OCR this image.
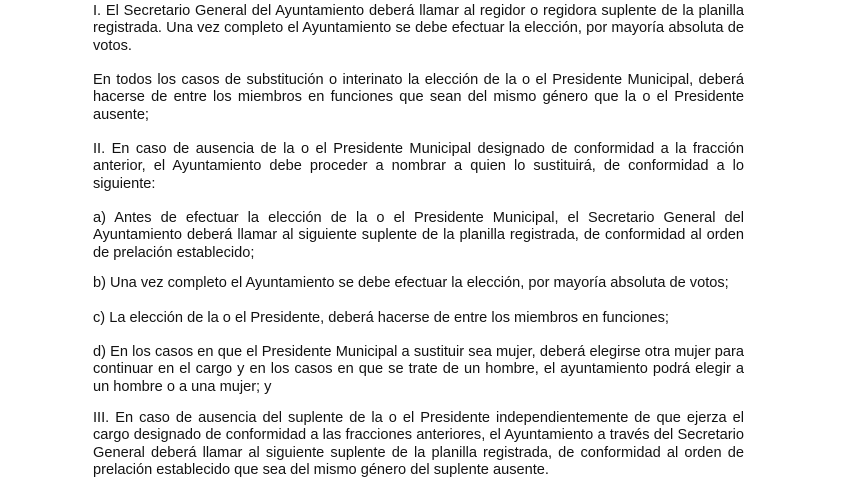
I. El Secretario General del Ayuntamiento deberá llamar al regidor o regidora suplente de la planilla registrada. Una vez completo el Ayuntamiento se debe efectuar la elección, por mayoría absoluta de votos.

En todos los casos de substitución o interinato la elección de la o el Presidente Municipal, deberá hacerse de entre los miembros en funciones que sean del mismo género que la o el Presidente ausente;

II. En caso de ausencia de la o el Presidente Municipal designado de conformidad a la fracción anterior, el Ayuntamiento debe proceder a nombrar a quien lo sustituirá, de conformidad a lo siguiente:

a) Antes de efectuar la elección de la o el Presidente Municipal, el Secretario General del Ayuntamiento deberá llamar al siguiente suplente de la planilla registrada, de conformidad al orden de prelación establecido;

b) Una vez completo el Ayuntamiento se debe efectuar la elección, por mayoría absoluta de votos;

c) La elección de la o el Presidente, deberá hacerse de entre los miembros en funciones;

d) En los casos en que el Presidente Municipal a sustituir sea mujer, deberá elegirse otra mujer para continuar en el cargo y en los casos en que se trate de un hombre, el ayuntamiento podrá elegir a un hombre o a una mujer; y

III. En caso de ausencia del suplente de la o el Presidente independientemente de que ejerza el cargo designado de conformidad a las fracciones anteriores, el Ayuntamiento a través del Secretario General deberá llamar al siguiente suplente de la planilla registrada, de conformidad al orden de prelación establecido que sea del mismo género del suplente ausente.
